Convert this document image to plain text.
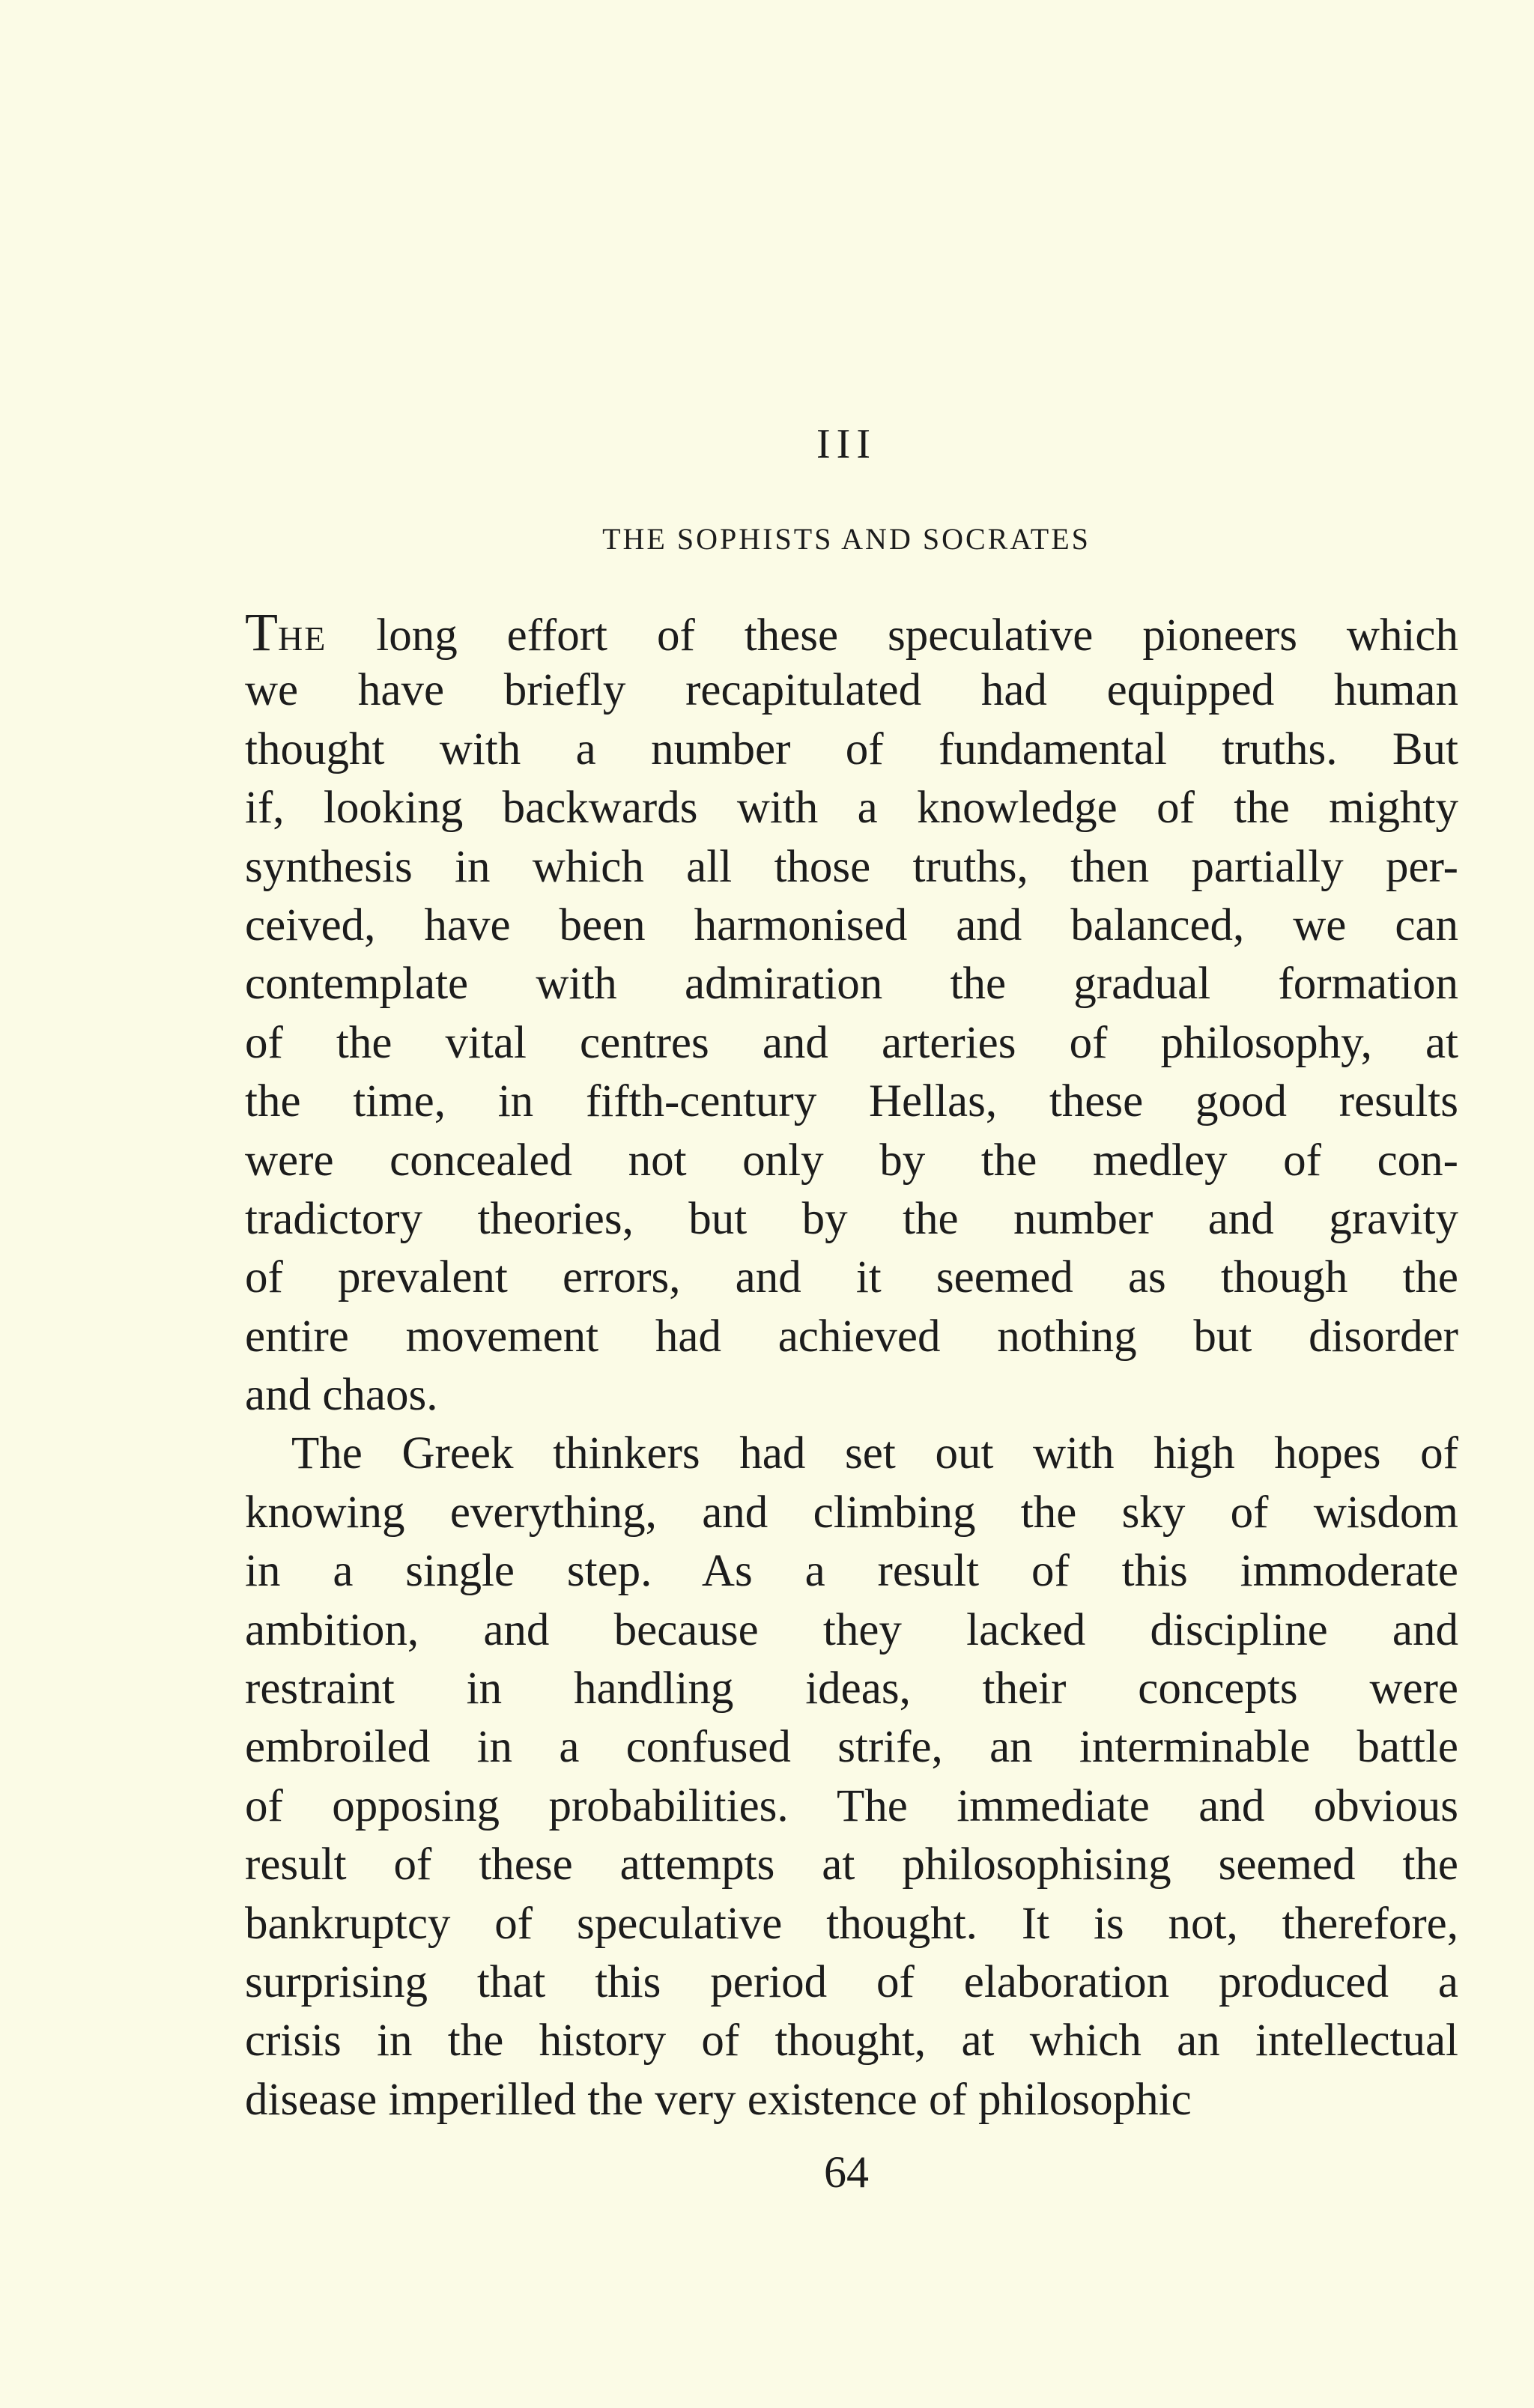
III
THE SOPHISTS AND SOCRATES
THE long effort of these speculative pioneers which
we have briefly recapitulated had equipped human
thought with a number of fundamental truths. But
if, looking backwards with a knowledge of the mighty
synthesis in which all those truths, then partially per-
ceived, have been harmonised and balanced, we can
contemplate with admiration the gradual formation
of the vital centres and arteries of philosophy, at
the time, in fifth-century Hellas, these good results
were concealed not only by the medley of con-
tradictory theories, but by the number and gravity
of prevalent errors, and it seemed as though the
entire movement had achieved nothing but disorder
and chaos.
The Greek thinkers had set out with high hopes of
knowing everything, and climbing the sky of wisdom
in a single step. As a result of this immoderate
ambition, and because they lacked discipline and
restraint in handling ideas, their concepts were
embroiled in a confused strife, an interminable battle
of opposing probabilities. The immediate and obvious
result of these attempts at philosophising seemed the
bankruptcy of speculative thought. It is not, therefore,
surprising that this period of elaboration produced a
crisis in the history of thought, at which an intellectual
disease imperilled the very existence of philosophic
64
